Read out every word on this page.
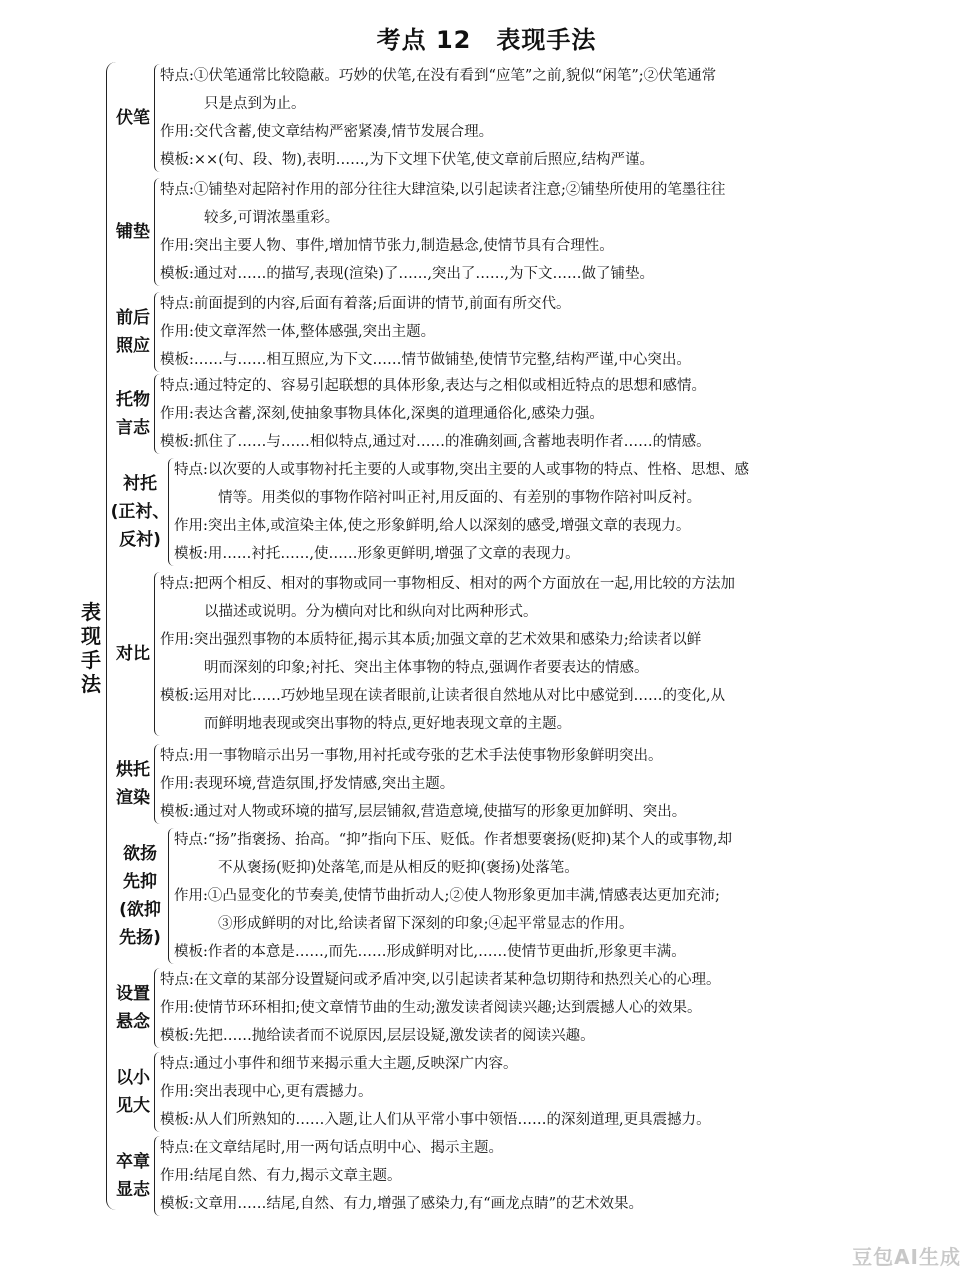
考点 12　表现手法
表
现
手
法
伏笔
特点:①伏笔通常比较隐蔽。巧妙的伏笔,在没有看到“应笔”之前,貌似“闲笔”;②伏笔通常
只是点到为止。
作用:交代含蓄,使文章结构严密紧凑,情节发展合理。
模板:××(句、段、物),表明……,为下文埋下伏笔,使文章前后照应,结构严谨。
铺垫
特点:①铺垫对起陪衬作用的部分往往大肆渲染,以引起读者注意;②铺垫所使用的笔墨往往
较多,可谓浓墨重彩。
作用:突出主要人物、事件,增加情节张力,制造悬念,使情节具有合理性。
模板:通过对……的描写,表现(渲染)了……,突出了……,为下文……做了铺垫。
前后
照应
特点:前面提到的内容,后面有着落;后面讲的情节,前面有所交代。
作用:使文章浑然一体,整体感强,突出主题。
模板:……与……相互照应,为下文……情节做铺垫,使情节完整,结构严谨,中心突出。
托物
言志
特点:通过特定的、容易引起联想的具体形象,表达与之相似或相近特点的思想和感情。
作用:表达含蓄,深刻,使抽象事物具体化,深奥的道理通俗化,感染力强。
模板:抓住了……与……相似特点,通过对……的准确刻画,含蓄地表明作者……的情感。
衬托
(正衬、
反衬)
特点:以次要的人或事物衬托主要的人或事物,突出主要的人或事物的特点、性格、思想、感
情等。用类似的事物作陪衬叫正衬,用反面的、有差别的事物作陪衬叫反衬。
作用:突出主体,或渲染主体,使之形象鲜明,给人以深刻的感受,增强文章的表现力。
模板:用……衬托……,使……形象更鲜明,增强了文章的表现力。
对比
特点:把两个相反、相对的事物或同一事物相反、相对的两个方面放在一起,用比较的方法加
以描述或说明。分为横向对比和纵向对比两种形式。
作用:突出强烈事物的本质特征,揭示其本质;加强文章的艺术效果和感染力;给读者以鲜
明而深刻的印象;衬托、突出主体事物的特点,强调作者要表达的情感。
模板:运用对比……巧妙地呈现在读者眼前,让读者很自然地从对比中感觉到……的变化,从
而鲜明地表现或突出事物的特点,更好地表现文章的主题。
烘托
渲染
特点:用一事物暗示出另一事物,用衬托或夸张的艺术手法使事物形象鲜明突出。
作用:表现环境,营造氛围,抒发情感,突出主题。
模板:通过对人物或环境的描写,层层铺叙,营造意境,使描写的形象更加鲜明、突出。
欲扬
先抑
(欲抑
先扬)
特点:“扬”指褒扬、抬高。“抑”指向下压、贬低。作者想要褒扬(贬抑)某个人的或事物,却
不从褒扬(贬抑)处落笔,而是从相反的贬抑(褒扬)处落笔。
作用:①凸显变化的节奏美,使情节曲折动人;②使人物形象更加丰满,情感表达更加充沛;
③形成鲜明的对比,给读者留下深刻的印象;④起平常显志的作用。
模板:作者的本意是……,而先……形成鲜明对比,……使情节更曲折,形象更丰满。
设置
悬念
特点:在文章的某部分设置疑问或矛盾冲突,以引起读者某种急切期待和热烈关心的心理。
作用:使情节环环相扣;使文章情节曲的生动;激发读者阅读兴趣;达到震撼人心的效果。
模板:先把……抛给读者而不说原因,层层设疑,激发读者的阅读兴趣。
以小
见大
特点:通过小事件和细节来揭示重大主题,反映深广内容。
作用:突出表现中心,更有震撼力。
模板:从人们所熟知的……入题,让人们从平常小事中领悟……的深刻道理,更具震撼力。
卒章
显志
特点:在文章结尾时,用一两句话点明中心、揭示主题。
作用:结尾自然、有力,揭示文章主题。
模板:文章用……结尾,自然、有力,增强了感染力,有“画龙点睛”的艺术效果。
豆包AI生成
